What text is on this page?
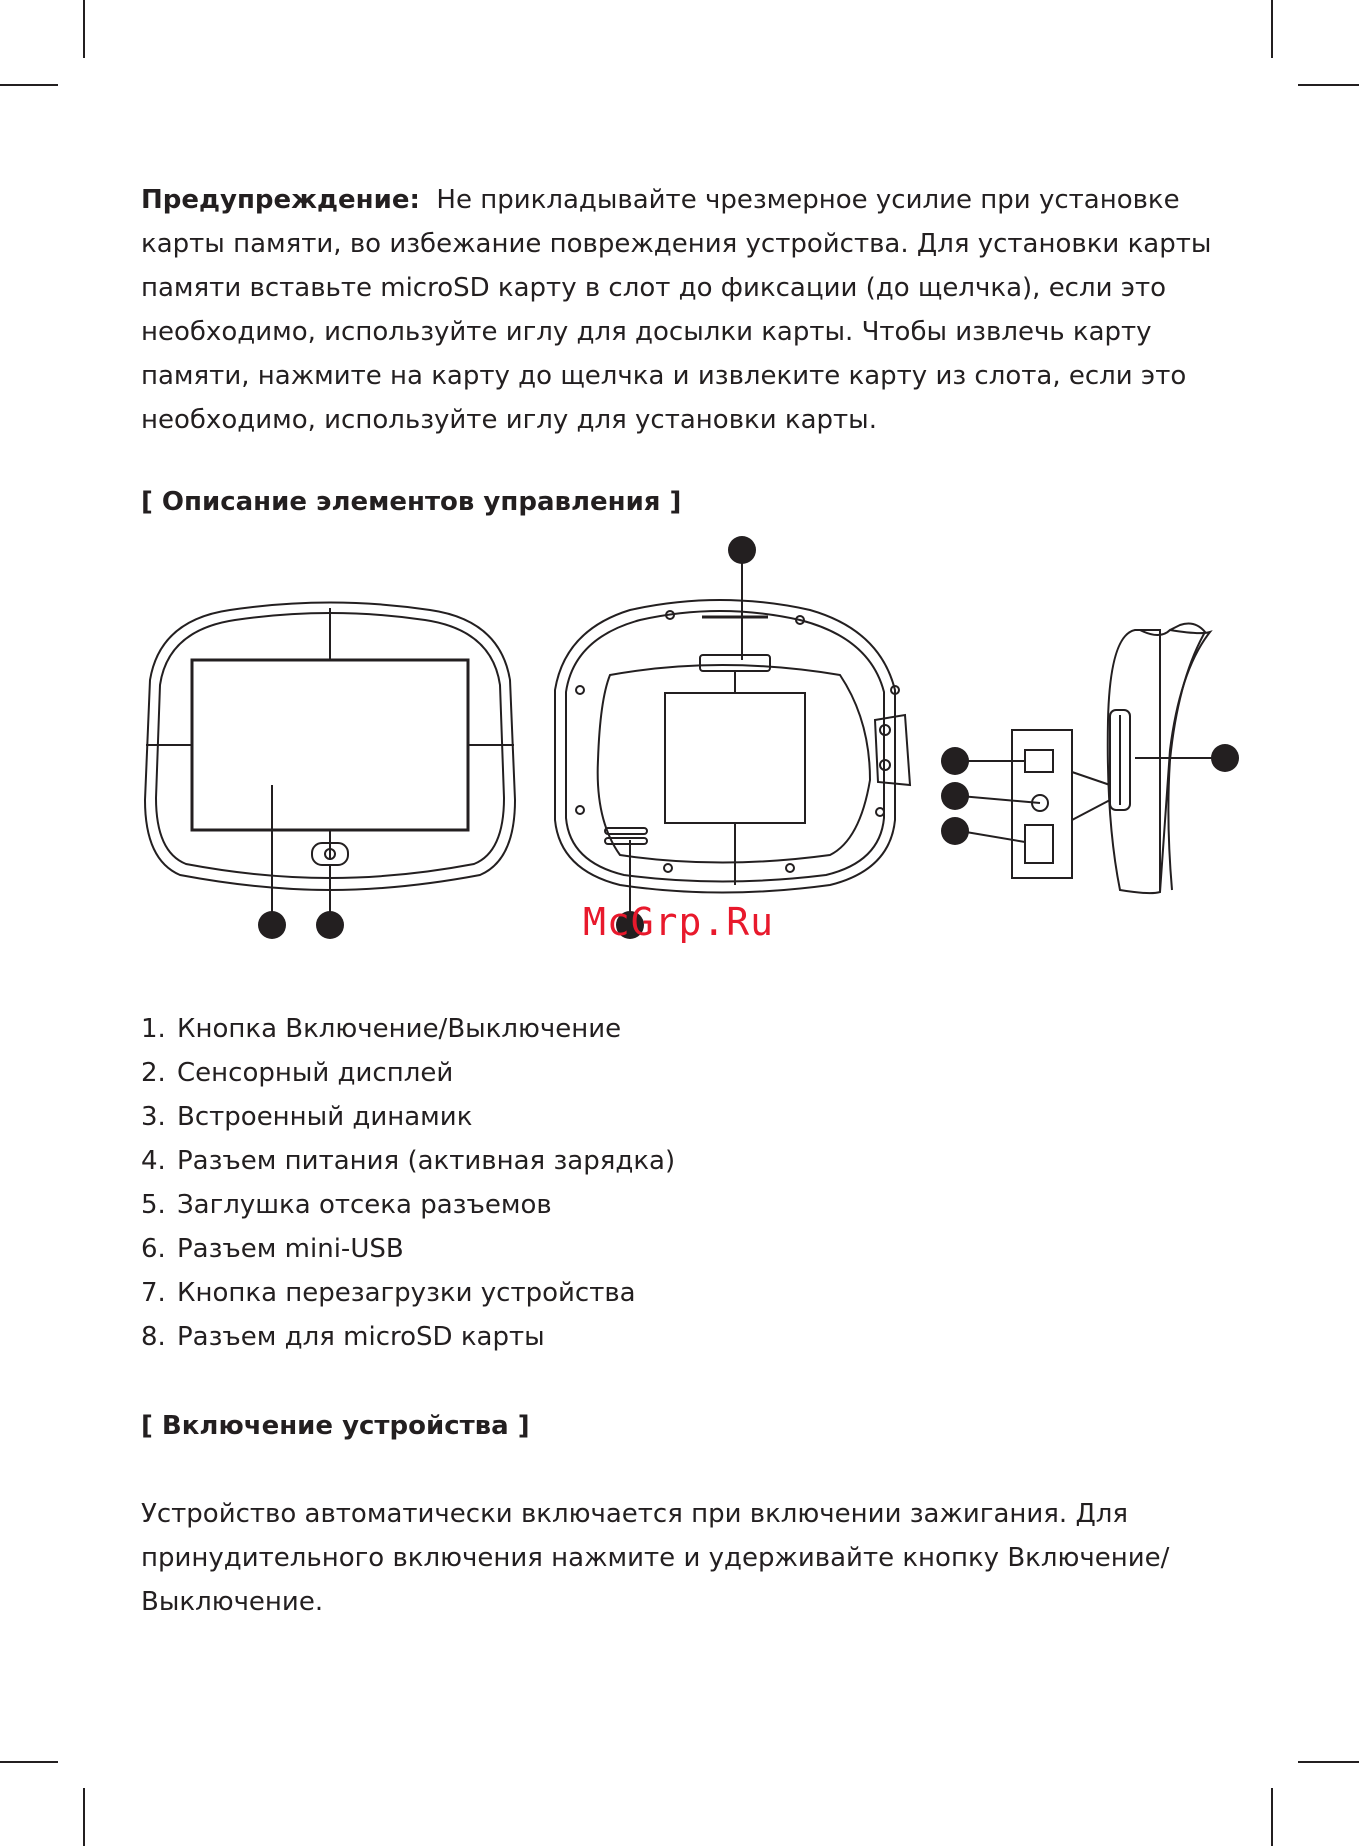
Предупреждение: Не прикладывайте чрезмерное усилие при установке карты памяти, во избежание повреждения устройства. Для установки карты памяти вставьте microSD карту в слот до фиксации (до щелчка), если это необходимо, используйте иглу для досылки карты. Чтобы извлечь карту памяти, нажмите на карту до щелчка и извлеките карту из слота, если это необходимо, используйте иглу для установки карты.
[ Описание элементов управления ]
McGrp.Ru
1. Кнопка Включение/Выключение
2. Сенсорный дисплей
3. Встроенный динамик
4. Разъем питания (активная зарядка)
5. Заглушка отсека разъемов
6. Разъем mini-USB
7. Кнопка перезагрузки устройства
8. Разъем для microSD карты
[ Включение устройства ]
Устройство автоматически включается при включении зажигания. Для принудительного включения нажмите и удерживайте кнопку Включение/ Выключение.
